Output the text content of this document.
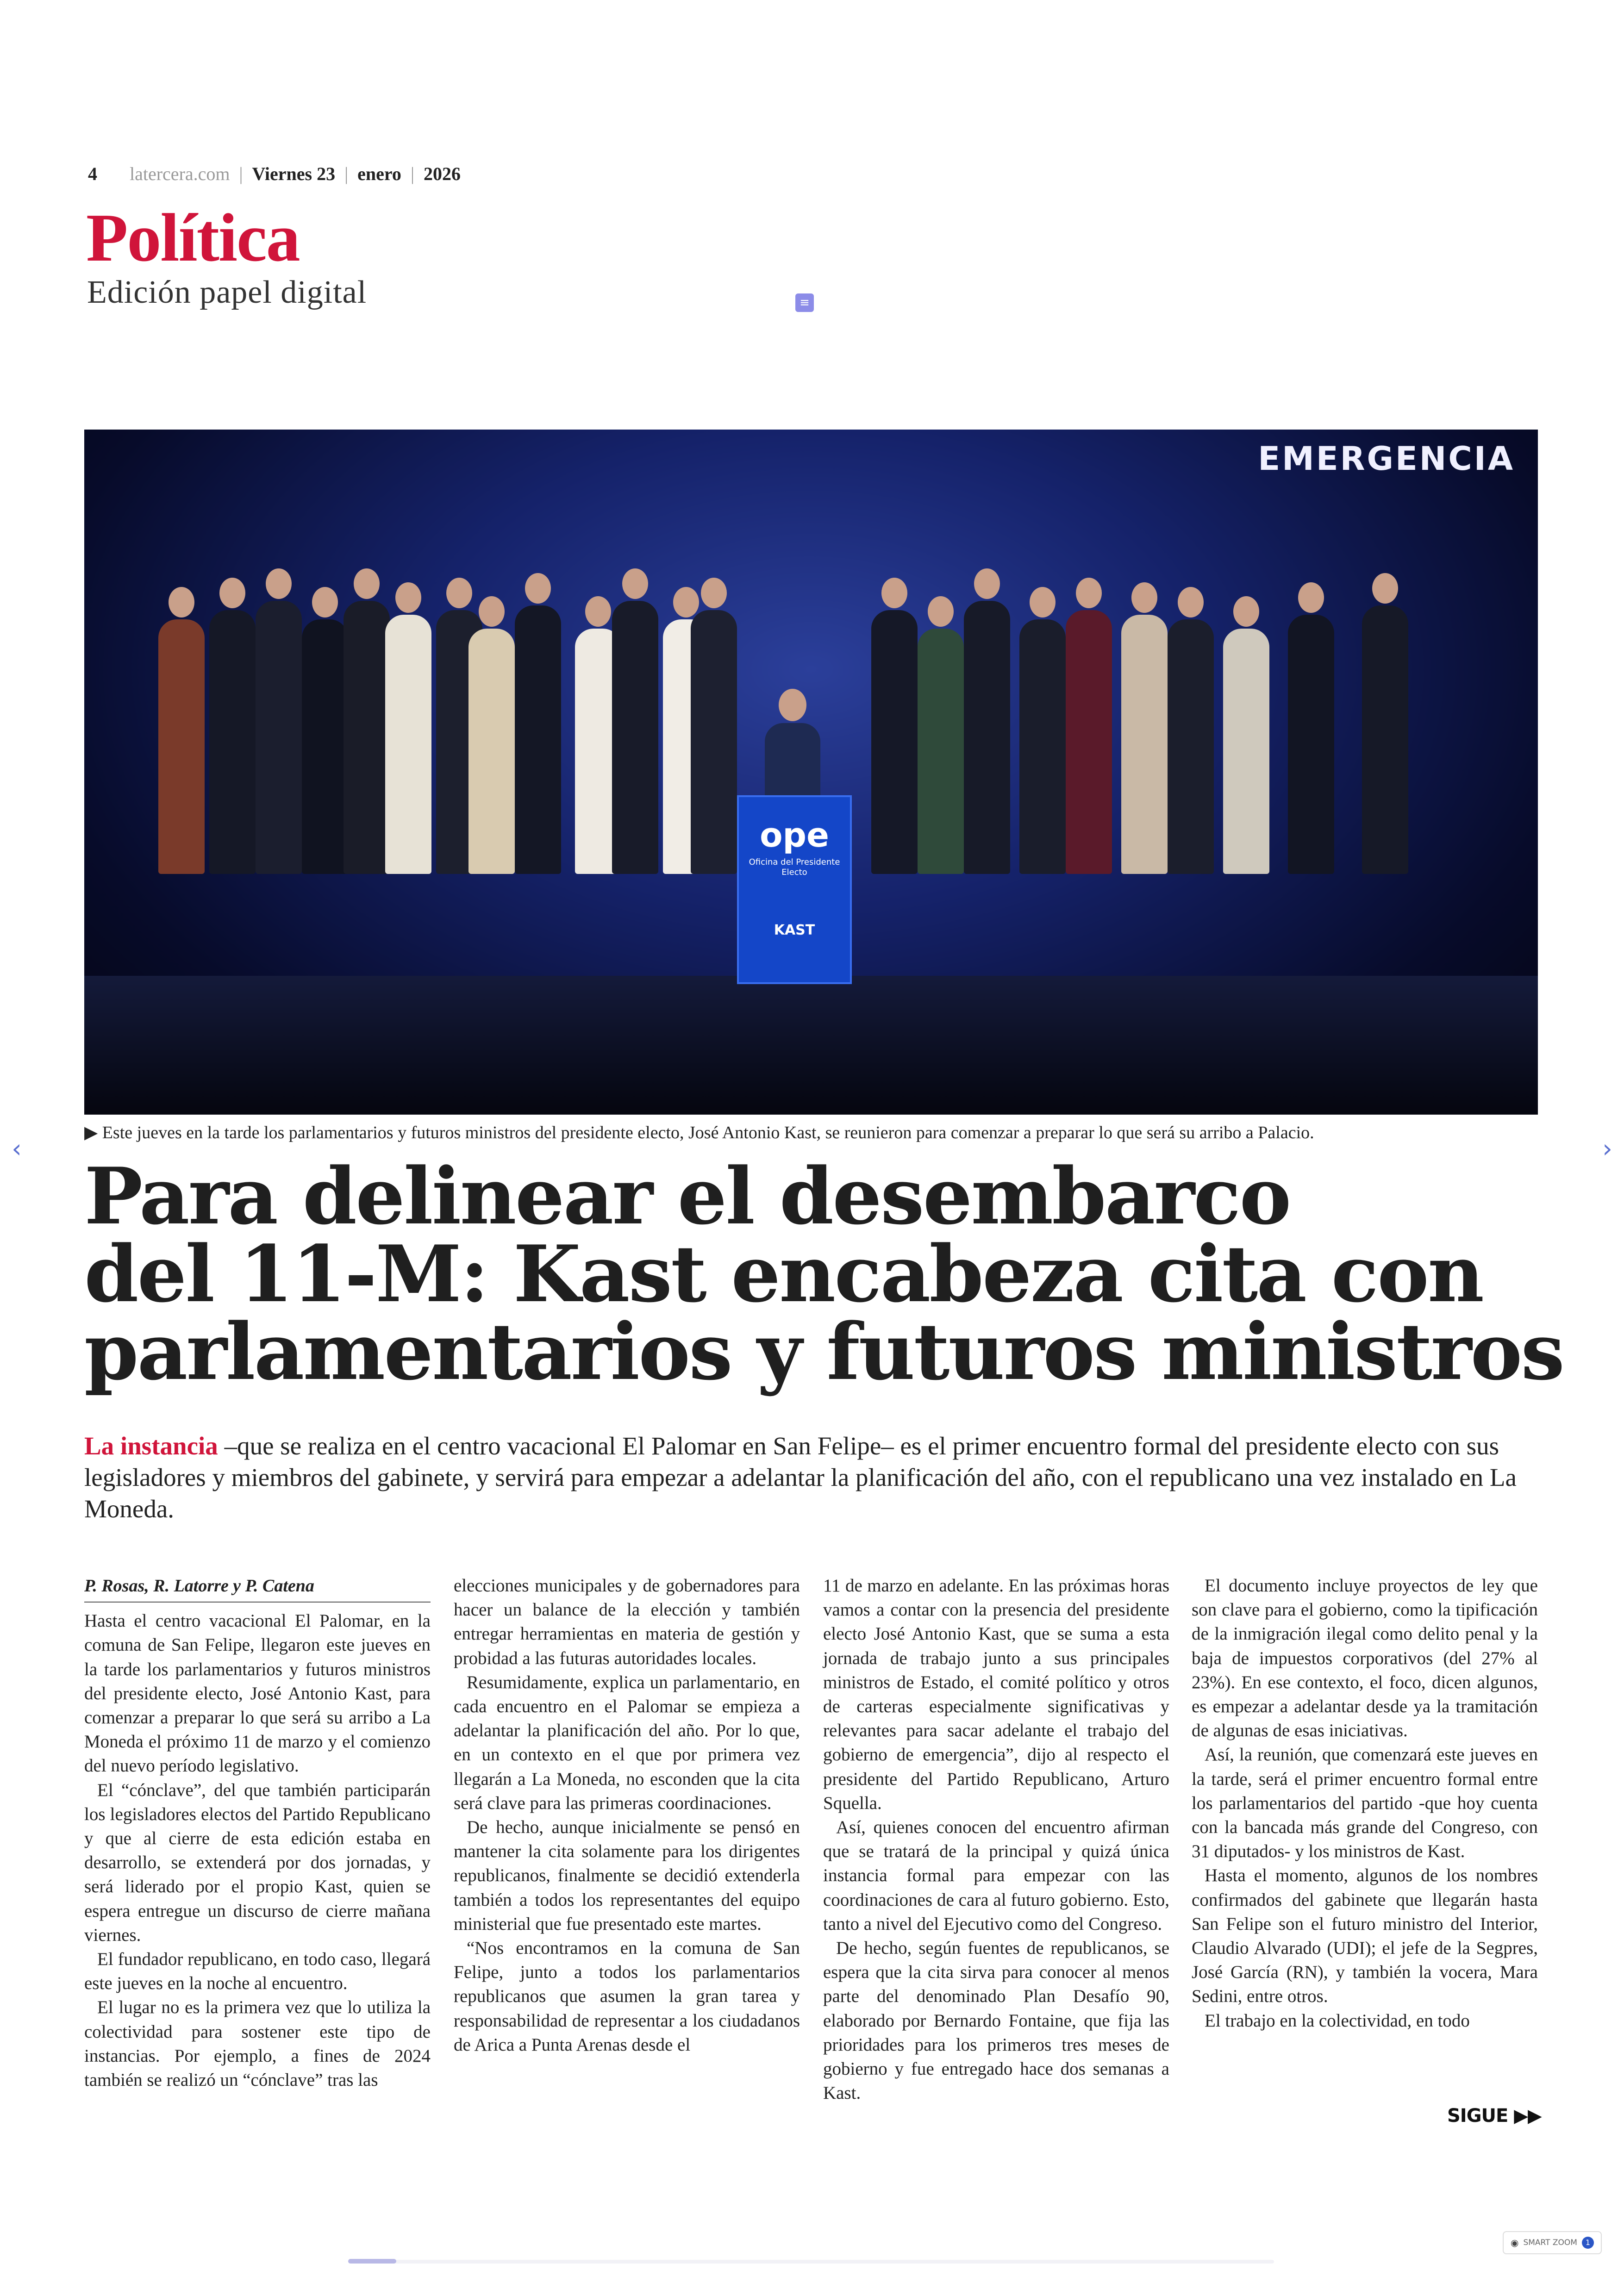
4 latercera.com | Viernes 23 | enero | 2026
Política
Edición papel digital	≡
EMERGENCIA
ope
Oficina del Presidente Electo
KAST
▶ Este jueves en la tarde los parlamentarios y futuros ministros del presidente electo, José Antonio Kast, se reunieron para comenzar a preparar lo que será su arribo a Palacio.
‹	›
Para delinear el desembarco
del 11-M: Kast encabeza cita con
parlamentarios y futuros ministros
La instancia –que se realiza en el centro vacacional El Palomar en San Felipe– es el primer encuentro formal del presidente electo con sus legisladores y miembros del gabinete, y servirá para empezar a adelantar la planificación del año, con el republicano una vez instalado en La Moneda.

P. Rosas, R. Latorre y P. Catena

Hasta el centro vacacional El Palomar, en la comuna de San Felipe, llegaron este jueves en la tarde los parlamentarios y futuros ministros del presidente electo, José Antonio Kast, para comenzar a preparar lo que será su arribo a La Moneda el próximo 11 de marzo y el comienzo del nuevo período legislativo.

El “cónclave”, del que también participarán los legisladores electos del Partido Republicano y que al cierre de esta edición estaba en desarrollo, se extenderá por dos jornadas, y será liderado por el propio Kast, quien se espera entregue un discurso de cierre mañana viernes.

El fundador republicano, en todo caso, llegará este jueves en la noche al encuentro.

El lugar no es la primera vez que lo utiliza la colectividad para sostener este tipo de instancias. Por ejemplo, a fines de 2024 también se realizó un “cónclave” tras las

elecciones municipales y de gobernadores para hacer un balance de la elección y también entregar herramientas en materia de gestión y probidad a las futuras autoridades locales.

Resumidamente, explica un parlamentario, en cada encuentro en el Palomar se empieza a adelantar la planificación del año. Por lo que, en un contexto en el que por primera vez llegarán a La Moneda, no esconden que la cita será clave para las primeras coordinaciones.

De hecho, aunque inicialmente se pensó en mantener la cita solamente para los dirigentes republicanos, finalmente se decidió extenderla también a todos los representantes del equipo ministerial que fue presentado este martes.

“Nos encontramos en la comuna de San Felipe, junto a todos los parlamentarios republicanos que asumen la gran tarea y responsabilidad de representar a los ciudadanos de Arica a Punta Arenas desde el

11 de marzo en adelante. En las próximas horas vamos a contar con la presencia del presidente electo José Antonio Kast, que se suma a esta jornada de trabajo junto a sus principales ministros de Estado, el comité político y otros de carteras especialmente significativas y relevantes para sacar adelante el trabajo del gobierno de emergencia”, dijo al respecto el presidente del Partido Republicano, Arturo Squella.

Así, quienes conocen del encuentro afirman que se tratará de la principal y quizá única instancia formal para empezar con las coordinaciones de cara al futuro gobierno. Esto, tanto a nivel del Ejecutivo como del Congreso.

De hecho, según fuentes de republicanos, se espera que la cita sirva para conocer al menos parte del denominado Plan Desafío 90, elaborado por Bernardo Fontaine, que fija las prioridades para los primeros tres meses de gobierno y fue entregado hace dos semanas a Kast.

El documento incluye proyectos de ley que son clave para el gobierno, como la tipificación de la inmigración ilegal como delito penal y la baja de impuestos corporativos (del 27% al 23%). En ese contexto, el foco, dicen algunos, es empezar a adelantar desde ya la tramitación de algunas de esas iniciativas.

Así, la reunión, que comenzará este jueves en la tarde, será el primer encuentro formal entre los parlamentarios del partido -que hoy cuenta con la bancada más grande del Congreso, con 31 diputados- y los ministros de Kast.

Hasta el momento, algunos de los nombres confirmados del gabinete que llegarán hasta San Felipe son el futuro ministro del Interior, Claudio Alvarado (UDI); el jefe de la Segpres, José García (RN), y también la vocera, Mara Sedini, entre otros.

El trabajo en la colectividad, en todo

SIGUE ▶▶
◉ SMART ZOOM	1
